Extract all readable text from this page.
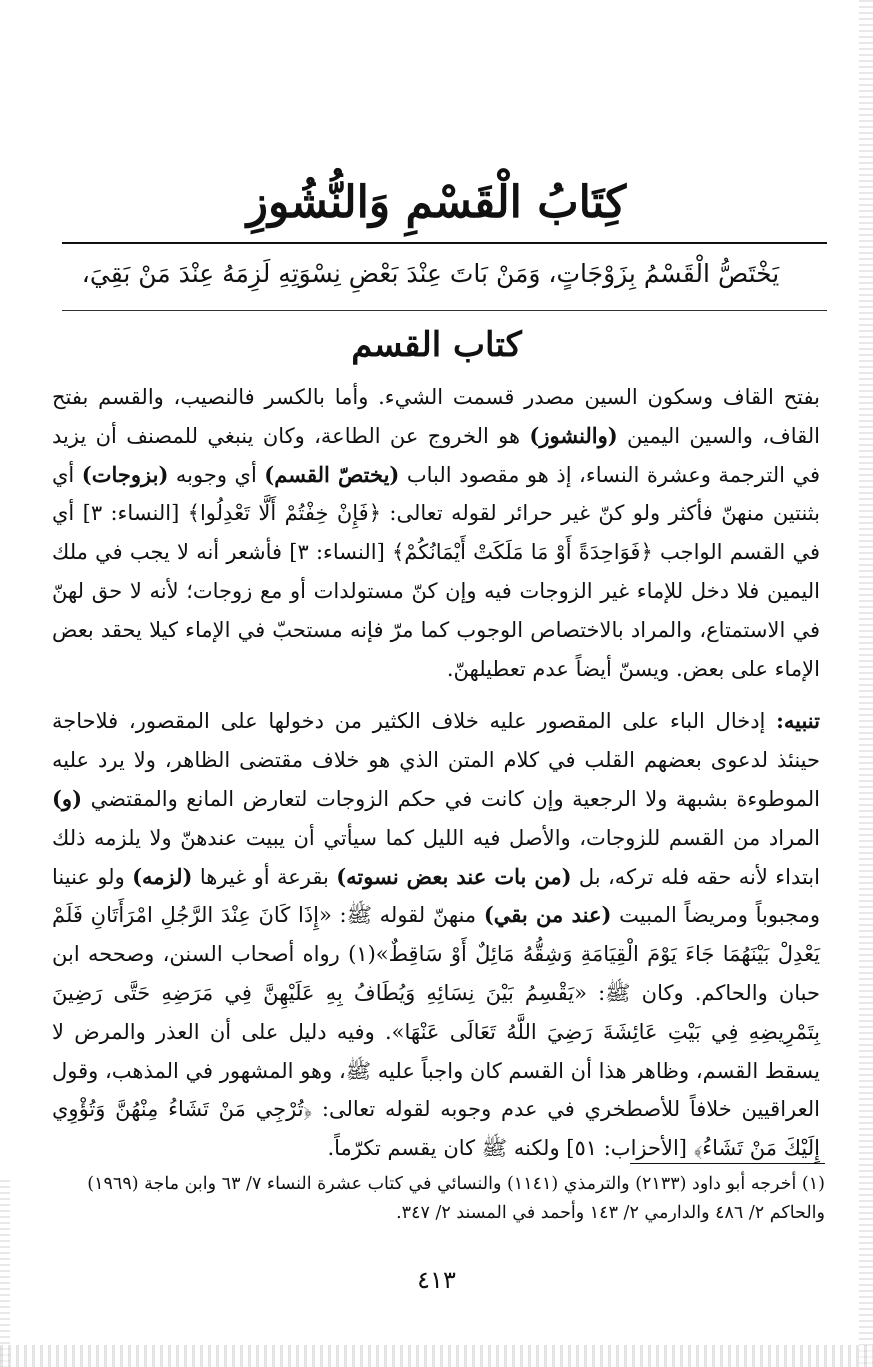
كِتَابُ الْقَسْمِ وَالنُّشُوزِ
يَخْتَصُّ الْقَسْمُ بِزَوْجَاتٍ، وَمَنْ بَاتَ عِنْدَ بَعْضِ نِسْوَتِهِ لَزِمَهُ عِنْدَ مَنْ بَقِيَ،
كتاب القسم

بفتح القاف وسكون السين مصدر قسمت الشيء. وأما بالكسر فالنصيب، والقسم بفتح القاف، والسين اليمين (والنشوز) هو الخروج عن الطاعة، وكان ينبغي للمصنف أن يزيد في الترجمة وعشرة النساء، إذ هو مقصود الباب (يختصّ القسم) أي وجوبه (بزوجات) أي بثنتين منهنّ فأكثر ولو كنّ غير حرائر لقوله تعالى: ﴿فَإِنْ خِفْتُمْ أَلَّا تَعْدِلُوا﴾ [النساء: ٣] أي في القسم الواجب ﴿فَوَاحِدَةً أَوْ مَا مَلَكَتْ أَيْمَانُكُمْ﴾ [النساء: ٣] فأشعر أنه لا يجب في ملك اليمين فلا دخل للإماء غير الزوجات فيه وإن كنّ مستولدات أو مع زوجات؛ لأنه لا حق لهنّ في الاستمتاع، والمراد بالاختصاص الوجوب كما مرّ فإنه مستحبّ في الإماء كيلا يحقد بعض الإماء على بعض. ويسنّ أيضاً عدم تعطيلهنّ.

تنبيه: إدخال الباء على المقصور عليه خلاف الكثير من دخولها على المقصور، فلاحاجة حينئذ لدعوى بعضهم القلب في كلام المتن الذي هو خلاف مقتضى الظاهر، ولا يرد عليه الموطوءة بشبهة ولا الرجعية وإن كانت في حكم الزوجات لتعارض المانع والمقتضي (و) المراد من القسم للزوجات، والأصل فيه الليل كما سيأتي أن يبيت عندهنّ ولا يلزمه ذلك ابتداء لأنه حقه فله تركه، بل (من بات عند بعض نسوته) بقرعة أو غيرها (لزمه) ولو عنينا ومجبوباً ومريضاً المبيت (عند من بقي) منهنّ لقوله ﷺ: «إِذَا كَانَ عِنْدَ الرَّجُلِ امْرَأَتَانِ فَلَمْ يَعْدِلْ بَيْنَهُمَا جَاءَ يَوْمَ الْقِيَامَةِ وَشِقُّهُ مَائِلٌ أَوْ سَاقِطٌ»(١) رواه أصحاب السنن، وصححه ابن حبان والحاكم. وكان ﷺ: «يَقْسِمُ بَيْنَ نِسَائِهِ وَيُطَافُ بِهِ عَلَيْهِنَّ فِي مَرَضِهِ حَتَّى رَضِينَ بِتَمْرِيضِهِ فِي بَيْتِ عَائِشَةَ رَضِيَ اللَّهُ تَعَالَى عَنْهَا». وفيه دليل على أن العذر والمرض لا يسقط القسم، وظاهر هذا أن القسم كان واجباً عليه ﷺ، وهو المشهور في المذهب، وقول العراقيين خلافاً للأصطخري في عدم وجوبه لقوله تعالى: ﴿تُرْجِي مَنْ تَشَاءُ مِنْهُنَّ وَتُؤْوِي إِلَيْكَ مَنْ تَشَاءُ﴾ [الأحزاب: ٥١] ولكنه ﷺ كان يقسم تكرّماً.

(١) أخرجه أبو داود (٢١٣٣) والترمذي (١١٤١) والنسائي في كتاب عشرة النساء ٧/ ٦٣ وابن ماجة (١٩٦٩)

والحاكم ٢/ ٤٨٦ والدارمي ٢/ ١٤٣ وأحمد في المسند ٢/ ٣٤٧.

٤١٣
